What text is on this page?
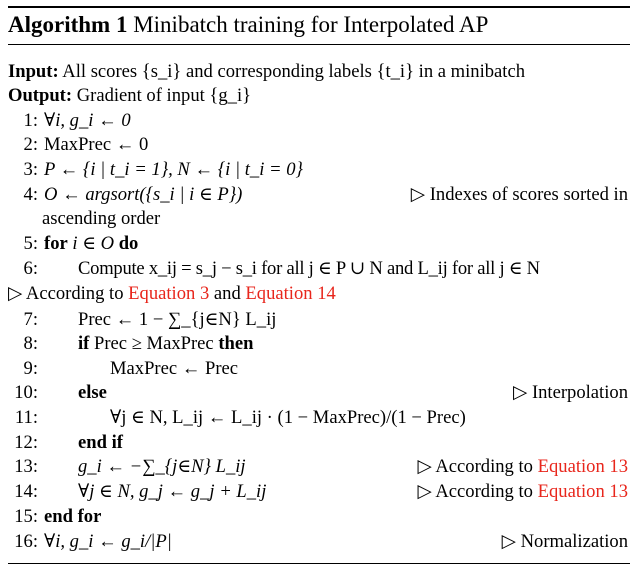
Algorithm 1 Minibatch training for Interpolated AP
Input: All scores {s_i} and corresponding labels {t_i} in a minibatch
Output: Gradient of input {g_i}
1: ∀i, g_i ← 0
2: MaxPrec ← 0
3: P ← {i | t_i = 1}, N ← {i | t_i = 0}
4: O ← argsort({s_i | i ∈ P})	▷ Indexes of scores sorted in
ascending order
5: for i ∈ O do
6: Compute x_ij = s_j − s_i for all j ∈ P ∪ N and L_ij for all j ∈ N
▷ According to Equation 3 and Equation 14
7: Prec ← 1 − ∑_{j∈N} L_ij
8: if Prec ≥ MaxPrec then
9:	MaxPrec ← Prec
10: else	▷ Interpolation
11:	∀j ∈ N, L_ij ← L_ij · (1 − MaxPrec)/(1 − Prec)
12: end if
13: g_i ← −∑_{j∈N} L_ij	▷ According to Equation 13
14: ∀j ∈ N, g_j ← g_j + L_ij	▷ According to Equation 13
15: end for
16: ∀i, g_i ← g_i/|P|	▷ Normalization
